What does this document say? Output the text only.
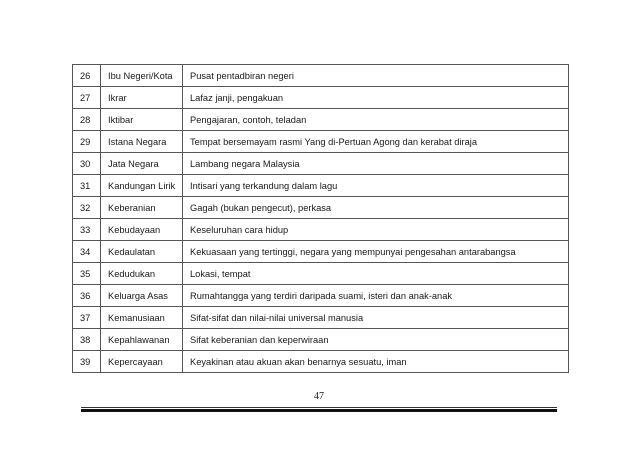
26	Ibu Negeri/Kota	Pusat pentadbiran negeri
27	Ikrar	Lafaz janji, pengakuan
28	Iktibar	Pengajaran, contoh, teladan
29	Istana Negara	Tempat bersemayam rasmi Yang di-Pertuan Agong dan kerabat diraja
30	Jata Negara	Lambang negara Malaysia
31	Kandungan Lirik	Intisari yang terkandung dalam lagu
32	Keberanian	Gagah (bukan pengecut), perkasa
33	Kebudayaan	Keseluruhan cara hidup
34	Kedaulatan	Kekuasaan yang tertinggi, negara yang mempunyai pengesahan antarabangsa
35	Kedudukan	Lokasi, tempat
36	Keluarga Asas	Rumahtangga yang terdiri daripada suami, isteri dan anak-anak
37	Kemanusiaan	Sifat-sifat dan nilai-nilai universal manusia
38	Kepahlawanan	Sifat keberanian dan keperwiraan
39	Kepercayaan	Keyakinan atau akuan akan benarnya sesuatu, iman
47
